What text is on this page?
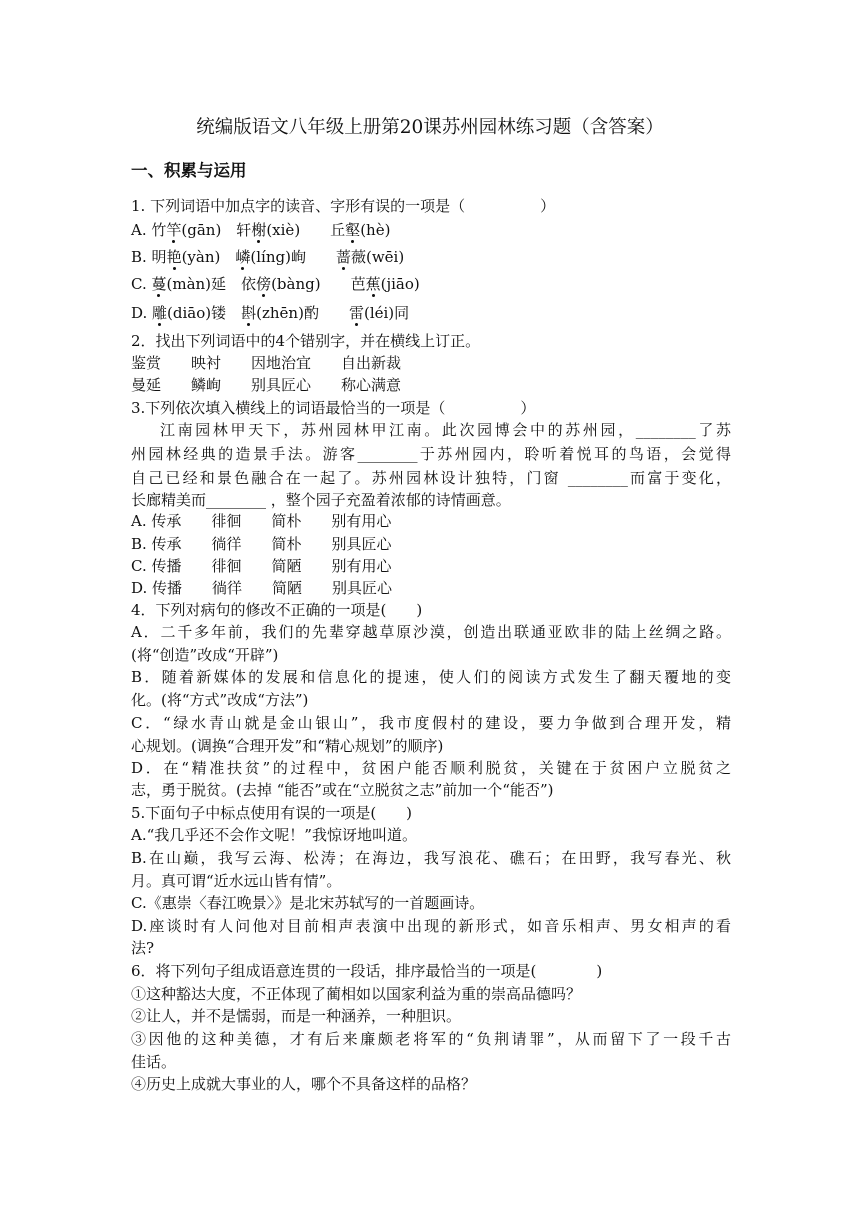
统编版语文八年级上册第20课苏州园林练习题（含答案）
一、积累与运用
1. 下列词语中加点字的读音、字形有误的一项是（　　　　　）
A. 竹竿(gān)　轩榭(xiè)　　丘壑(hè)
B. 明艳(yàn)　嶙(líng)峋　　蔷薇(wēi)
C. 蔓(màn)延　依傍(bàng)　　芭蕉(jiāo)
D. 雕(diāo)镂　斟(zhēn)酌　　雷(léi)同
2．找出下列词语中的4个错别字，并在横线上订正。
鉴赏　　映衬　　因地治宜　　自出新裁
曼延　　鳞峋　　别具匠心　　称心满意
3.下列依次填入横线上的词语最恰当的一项是（　　　　　）
江南园林甲天下，苏州园林甲江南。此次园博会中的苏州园，________了苏
州园林经典的造景手法。游客________于苏州园内，聆听着悦耳的鸟语，会觉得
自己已经和景色融合在一起了。苏州园林设计独特，门窗 ________而富于变化，
长廊精美而________ ，整个园子充盈着浓郁的诗情画意。
A. 传承　　徘徊　　简朴　　别有用心
B. 传承　　徜徉　　简朴　　别具匠心
C. 传播　　徘徊　　简陋　　别有用心
D. 传播　　徜徉　　简陋　　别具匠心
4．下列对病句的修改不正确的一项是(　　)
A．二千多年前，我们的先辈穿越草原沙漠，创造出联通亚欧非的陆上丝绸之路。
(将“创造”改成“开辟”)
B．随着新媒体的发展和信息化的提速，使人们的阅读方式发生了翻天覆地的变
化。(将“方式”改成“方法”)
C．“绿水青山就是金山银山”，我市度假村的建设，要力争做到合理开发，精
心规划。(调换“合理开发”和“精心规划”的顺序)
D．在“精准扶贫”的过程中，贫困户能否顺利脱贫，关键在于贫困户立脱贫之
志，勇于脱贫。(去掉 “能否”或在“立脱贫之志”前加一个“能否”)
5.下面句子中标点使用有误的一项是(　　)
A.“我几乎还不会作文呢！”我惊讶地叫道。
B.在山巅，我写云海、松涛；在海边，我写浪花、礁石；在田野，我写春光、秋
月。真可谓“近水远山皆有情”。
C.《惠崇〈春江晚景〉》是北宋苏轼写的一首题画诗。
D.座谈时有人问他对目前相声表演中出现的新形式，如音乐相声、男女相声的看
法?
6．将下列句子组成语意连贯的一段话，排序最恰当的一项是(　　　　)
①这种豁达大度，不正体现了蔺相如以国家利益为重的崇高品德吗？
②让人，并不是懦弱，而是一种涵养，一种胆识。
③因他的这种美德，才有后来廉颇老将军的“负荆请罪”，从而留下了一段千古
佳话。
④历史上成就大事业的人，哪个不具备这样的品格？
